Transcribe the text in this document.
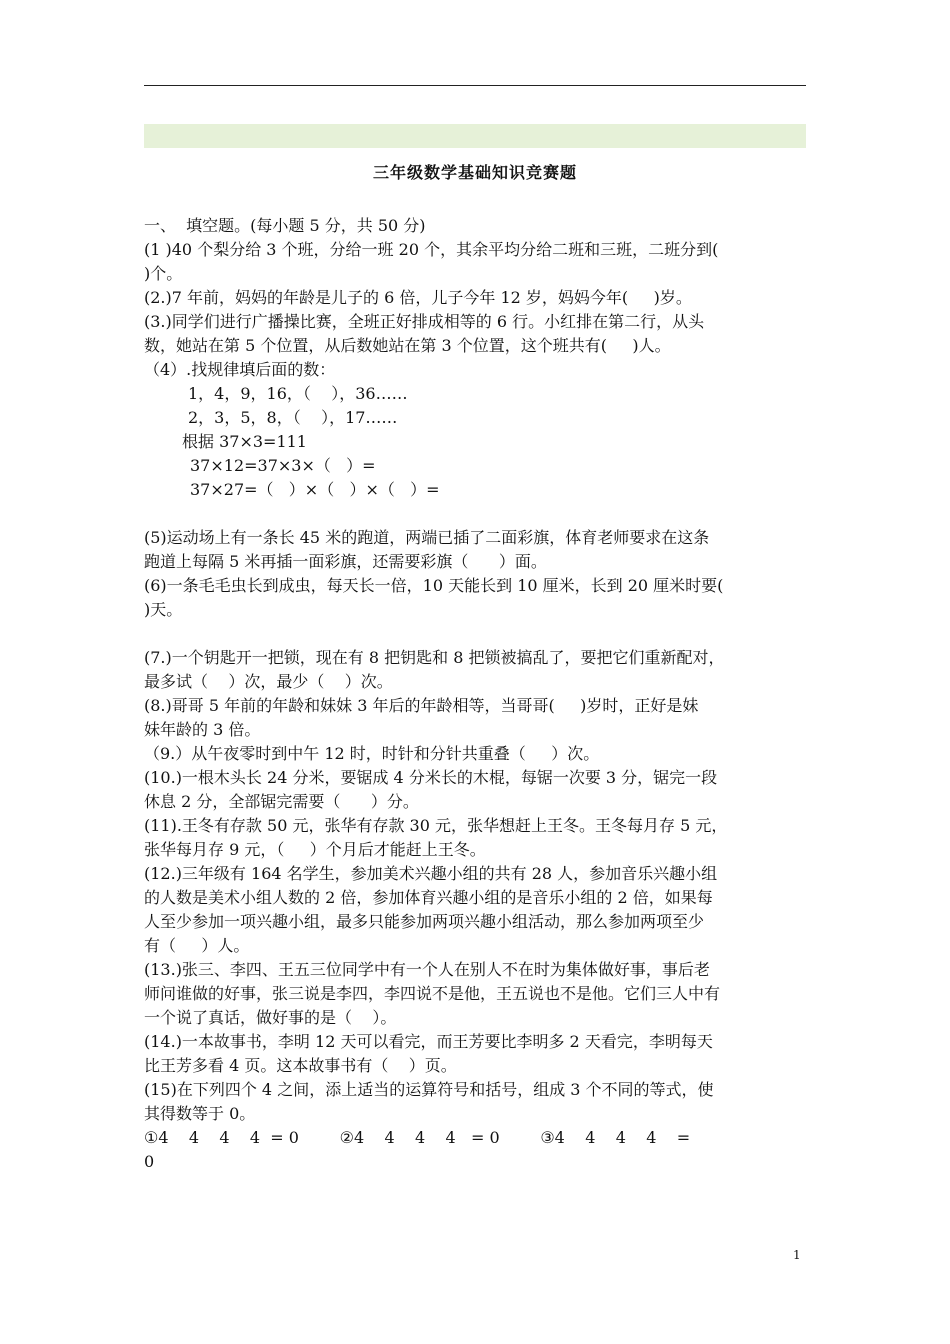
三年级数学基础知识竞赛题

一、  填空题。(每小题 5 分，共 50 分)

(1 )40 个梨分给 3 个班，分给一班 20 个，其余平均分给二班和三班，二班分到(

)个。

(2.)7 年前，妈妈的年龄是儿子的 6 倍，儿子今年 12 岁，妈妈今年(     )岁。

(3.)同学们进行广播操比赛，全班正好排成相等的 6 行。小红排在第二行，从头

数，她站在第 5 个位置，从后数她站在第 3 个位置，这个班共有(     )人。

（4）.找规律填后面的数：

1，4，9，16，（    ），36……

2，3，5，8，（    ），17……

根据 37×3=111

37×12=37×3×（   ）=

37×27=（   ）×（   ）×（   ）=

(5)运动场上有一条长 45 米的跑道，两端已插了二面彩旗，体育老师要求在这条

跑道上每隔 5 米再插一面彩旗，还需要彩旗（      ）面。

(6)一条毛毛虫长到成虫，每天长一倍，10 天能长到 10 厘米，长到 20 厘米时要(

)天。

(7.)一个钥匙开一把锁，现在有 8 把钥匙和 8 把锁被搞乱了，要把它们重新配对，

最多试（    ）次，最少（    ）次。

(8.)哥哥 5 年前的年龄和妹妹 3 年后的年龄相等，当哥哥(     )岁时，正好是妹

妹年龄的 3 倍。

（9.）从午夜零时到中午 12 时，时针和分针共重叠（     ）次。

(10.)一根木头长 24 分米，要锯成 4 分米长的木棍，每锯一次要 3 分，锯完一段

休息 2 分，全部锯完需要（      ）分。

(11).王冬有存款 50 元，张华有存款 30 元，张华想赶上王冬。王冬每月存 5 元，

张华每月存 9 元，（     ）个月后才能赶上王冬。

(12.)三年级有 164 名学生，参加美术兴趣小组的共有 28 人，参加音乐兴趣小组

的人数是美术小组人数的 2 倍，参加体育兴趣小组的是音乐小组的 2 倍，如果每

人至少参加一项兴趣小组，最多只能参加两项兴趣小组活动，那么参加两项至少

有（     ）人。

(13.)张三、李四、王五三位同学中有一个人在别人不在时为集体做好事，事后老

师问谁做的好事，张三说是李四，李四说不是他，王五说也不是他。它们三人中有

一个说了真话，做好事的是（    ）。

(14.)一本故事书，李明 12 天可以看完，而王芳要比李明多 2 天看完，李明每天

比王芳多看 4 页。这本故事书有（    ）页。

(15)在下列四个 4 之间，添上适当的运算符号和括号，组成 3 个不同的等式，使

其得数等于 0。

①4    4    4    4  = 0        ②4    4    4    4   = 0        ③4    4    4    4    =

0

1
